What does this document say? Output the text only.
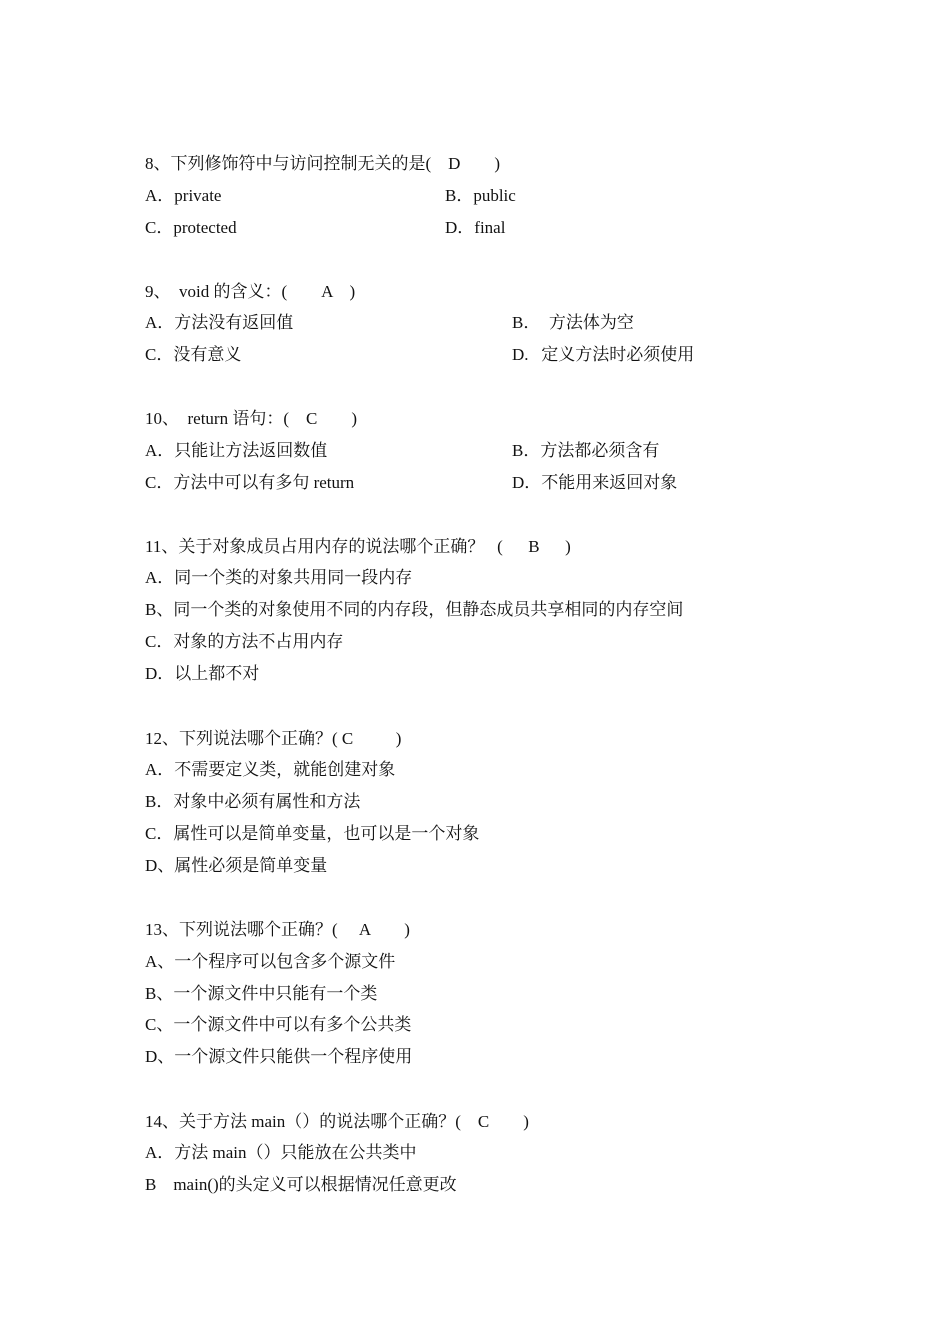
8、下列修饰符中与访问控制无关的是(    D        )
A．private	B．public
C．protected	D．final
9、  void 的含义：(        A    )
A．方法没有返回值	B．  方法体为空
C．没有意义	D.   定义方法时必须使用
10、  return 语句：(    C        )
A．只能让方法返回数值	B．方法都必须含有
C．方法中可以有多句 return	D．不能用来返回对象
11、关于对象成员占用内存的说法哪个正确？   (      B      )
A．同一个类的对象共用同一段内存
B、同一个类的对象使用不同的内存段，但静态成员共享相同的内存空间
C．对象的方法不占用内存
D．以上都不对
12、下列说法哪个正确？( C          )
A．不需要定义类，就能创建对象
B．对象中必须有属性和方法
C．属性可以是简单变量，也可以是一个对象
D、属性必须是简单变量
13、下列说法哪个正确？(     A        )
A、一个程序可以包含多个源文件
B、一个源文件中只能有一个类
C、一个源文件中可以有多个公共类
D、一个源文件只能供一个程序使用
14、关于方法 main（）的说法哪个正确？(    C        )
A．方法 main（）只能放在公共类中
B    main()的头定义可以根据情况任意更改
